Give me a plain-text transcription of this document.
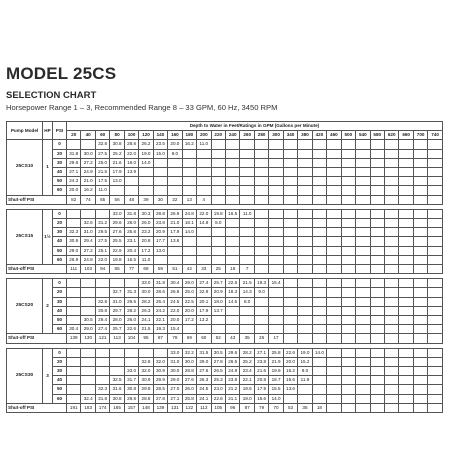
MODEL 25CS
SELECTION CHART
Horsepower Range 1 – 3, Recommended Range 8 – 33 GPM, 60 Hz, 3450 RPM
Pump Model	HP	PSI	Depth to Water in Feet/Ratings in GPM (Gallons per Minute)																									
			20	40	60	80	100	120	140	160	180	200	220	240	260	280	300	340	380	420	460	500	540	580	620	660	700	740
25CS10	1	0			32.8	30.8	28.6	26.2	23.5	20.0	16.2	11.0																
		20	31.8	30.0	27.5	25.2	22.0	19.0	15.0	8.0																		
		30	29.6	27.2	25.0	21.6	18.0	14.0																				
		40	27.1	24.9	21.5	17.9	13.9																					
		50	24.3	21.0	17.5	13.0																						
		60	20.0	16.2	11.0																							
Shut-off PSI			82	74	65	56	48	39	30	22	13	4																

25CS15	1½	0				33.0	31.8	30.3	28.8	26.9	24.8	22.0	19.8	16.5	11.0													
		20		32.6	31.2	29.6	28.0	26.0	23.8	21.0	18.1	14.8	8.0															
		30	32.3	31.0	29.5	27.6	25.6	23.2	20.9	17.9	14.0																	
		40	30.9	29.4	27.5	25.5	23.1	20.8	17.7	13.6																		
		50	29.0	27.2	25.1	22.9	20.4	17.2	13.0																			
		60	26.9	24.8	22.0	19.8	16.5	11.0																				
Shut-off PSI			111	103	94	85	77	68	59	51	42	33	25	16	7													

25CS20	2	0						33.0	31.8	30.4	29.0	27.4	25.7	22.6	21.5	19.3	15.4											
		20				32.7	31.3	30.0	28.6	26.8	25.0	22.9	20.9	18.3	14.3	9.0												
		30			32.8	31.0	29.6	28.2	26.4	24.5	22.5	20.1	18.0	14.5	8.0													
		40			30.8	29.7	28.2	26.3	24.2	22.0	20.0	17.9	13.7															
		50		30.5	29.4	28.0	26.0	24.1	22.1	20.0	17.2	13.2																
		60	30.4	29.0	27.4	25.7	22.6	21.5	19.3	15.4																		
Shut-off PSI			139	130	121	113	104	95	87	78	69	60	52	43	35	26	17											

25CS30	3	0								33.0	32.2	31.5	30.5	29.6	28.2	27.1	25.8	22.6	19.0	14.0								
		20						32.8	32.0	31.0	30.0	29.0	27.8	26.5	25.2	23.8	21.9	20.0	15.2									
		30					33.0	32.0	30.9	30.0	28.8	27.6	26.5	24.9	23.4	21.6	19.9	15.2	8.0									
		40				32.5	31.7	30.9	29.9	29.0	27.6	26.3	25.3	23.8	22.1	20.8	18.7	15.6	11.9									
		50			32.3	31.6	30.8	29.8	28.5	27.0	26.0	24.5	23.0	21.2	19.6	17.9	15.5	13.6										
		60		32.4	31.8	30.8	29.8	28.8	27.8	27.1	25.8	24.1	22.6	21.1	19.0	15.6	14.0											
Shut-off PSI			191	183	174	165	157	148	139	131	122	113	105	96	87	79	70	53	35	18								
